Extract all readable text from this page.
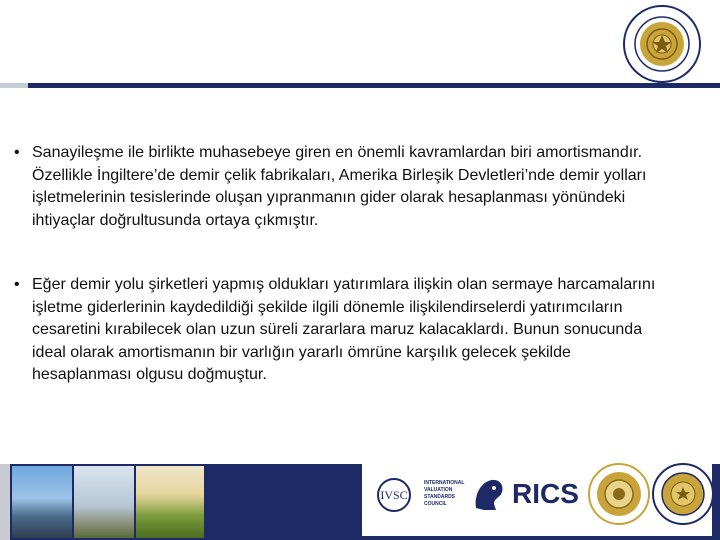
• Sanayileşme ile birlikte muhasebeye giren en önemli kavramlardan biri amortismandır. Özellikle İngiltere’de demir çelik fabrikaları, Amerika Birleşik Devletleri’nde demir yolları işletmelerinin tesislerinde oluşan yıpranmanın gider olarak hesaplanması yönündeki ihtiyaçlar doğrultusunda ortaya çıkmıştır.

• Eğer demir yolu şirketleri yapmış oldukları yatırımlara ilişkin olan sermaye harcamalarını işletme giderlerinin kaydedildiği şekilde ilgili dönemle ilişkilendirselerdi yatırımcıların cesaretini kırabilecek olan uzun süreli zararlara maruz kalacaklardı. Bunun sonucunda ideal olarak amortismanın bir varlığın yararlı ömrüne karşılık gelecek şekilde hesaplanması olgusu doğmuştur.

IVSC
INTERNATIONAL VALUATION STANDARDS COUNCIL	RICS
